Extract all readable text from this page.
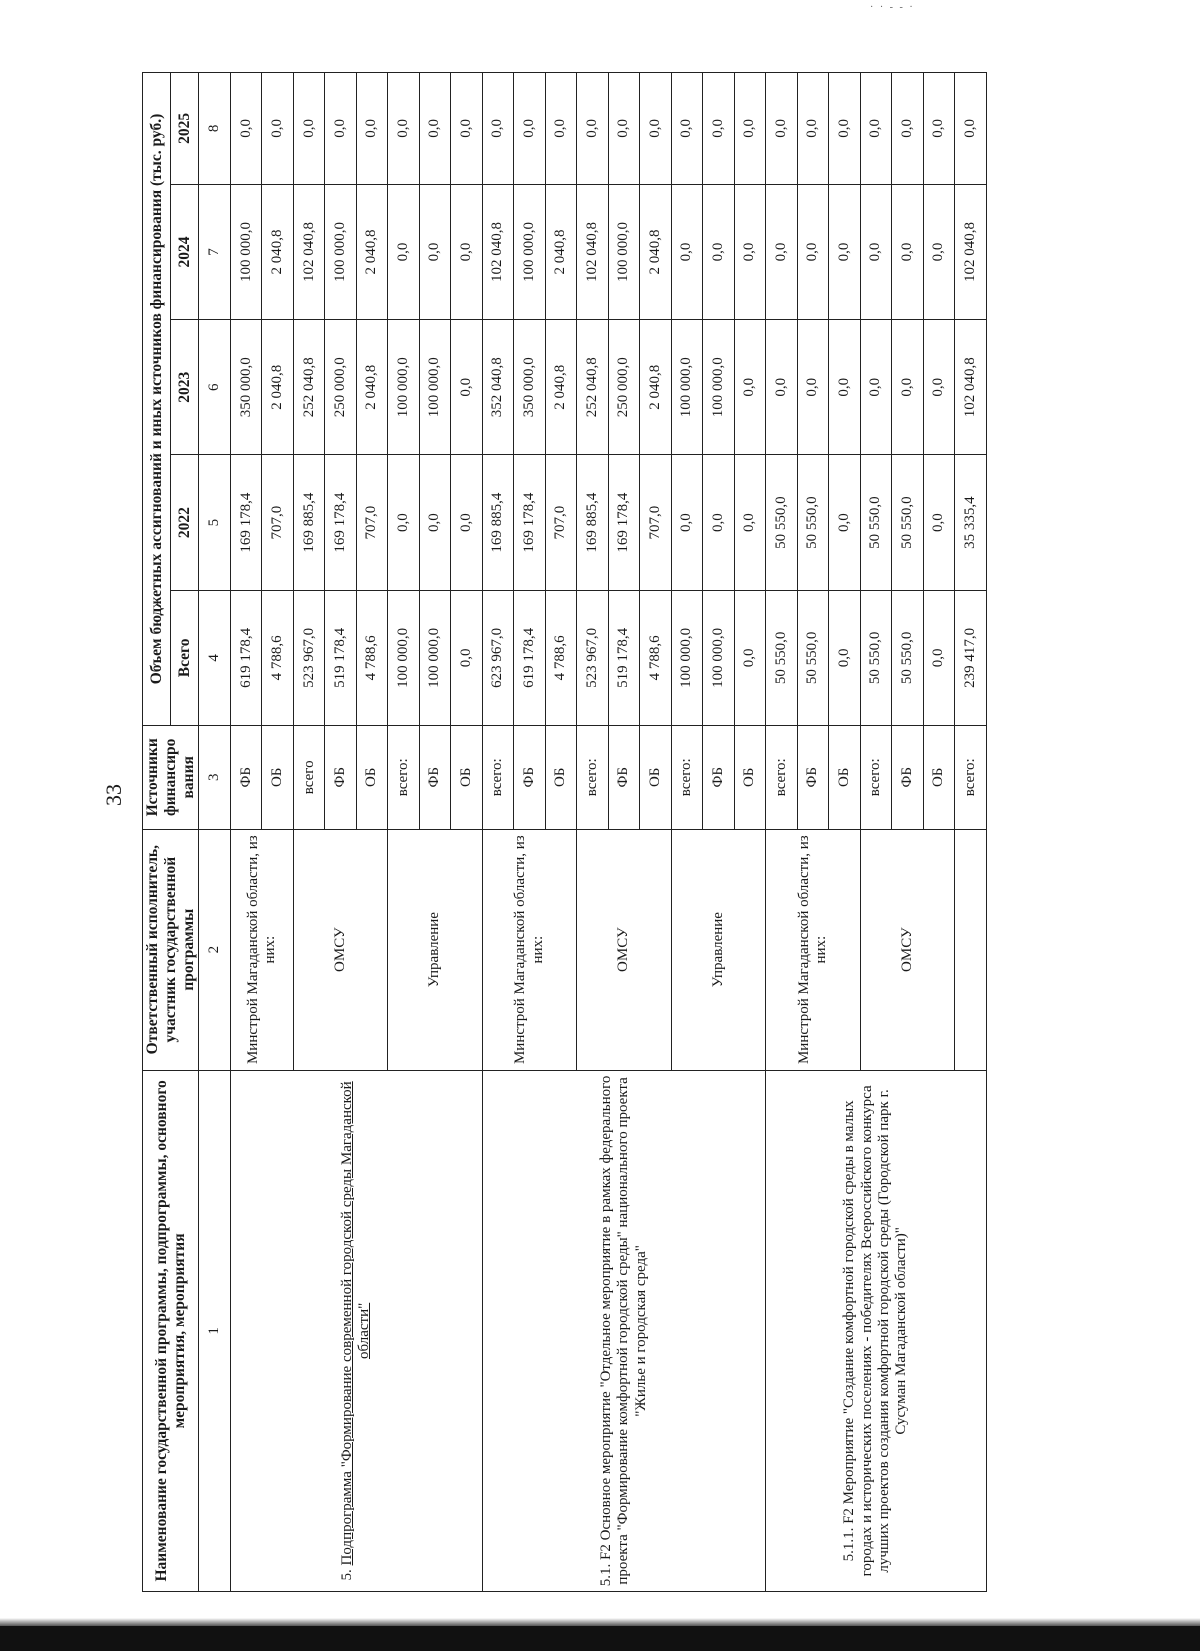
33
· · ‐ ‐ ·
Наименование государственной программы, подпрограммы, основного мероприятия, мероприятия	Ответственный исполнитель, участник государственной программы	Источники финансиро вания	Объем бюджетных ассигнований и иных источников финансирования (тыс. руб.)				
			Всего	2022	2023	2024	2025
1	2	3	4	5	6	7	8
5. Подпрограмма "Формирование современной городской среды Магаданской области"	Минстрой Магаданской области, из них:	ФБ	619 178,4	169 178,4	350 000,0	100 000,0	0,0
		ОБ	4 788,6	707,0	2 040,8	2 040,8	0,0
	ОМСУ	всего	523 967,0	169 885,4	252 040,8	102 040,8	0,0
		ФБ	519 178,4	169 178,4	250 000,0	100 000,0	0,0
		ОБ	4 788,6	707,0	2 040,8	2 040,8	0,0
	Управление	всего:	100 000,0	0,0	100 000,0	0,0	0,0
		ФБ	100 000,0	0,0	100 000,0	0,0	0,0
		ОБ	0,0	0,0	0,0	0,0	0,0
5.1. F2 Основное мероприятие "Отдельное мероприятие в рамках федерального проекта "Формирование комфортной городской среды" национального проекта "Жилье и городская среда"	Минстрой Магаданской области, из них:	всего:	623 967,0	169 885,4	352 040,8	102 040,8	0,0
		ФБ	619 178,4	169 178,4	350 000,0	100 000,0	0,0
		ОБ	4 788,6	707,0	2 040,8	2 040,8	0,0
	ОМСУ	всего:	523 967,0	169 885,4	252 040,8	102 040,8	0,0
		ФБ	519 178,4	169 178,4	250 000,0	100 000,0	0,0
		ОБ	4 788,6	707,0	2 040,8	2 040,8	0,0
	Управление	всего:	100 000,0	0,0	100 000,0	0,0	0,0
		ФБ	100 000,0	0,0	100 000,0	0,0	0,0
		ОБ	0,0	0,0	0,0	0,0	0,0
5.1.1. F2 Мероприятие "Создание комфортной городской среды в малых городах и исторических поселениях - победителях Всероссийского конкурса лучших проектов создания комфортной городской среды (Городской парк г. Сусуман Магаданской области)"	Минстрой Магаданской области, из них:	всего:	50 550,0	50 550,0	0,0	0,0	0,0
		ФБ	50 550,0	50 550,0	0,0	0,0	0,0
		ОБ	0,0	0,0	0,0	0,0	0,0
	ОМСУ	всего:	50 550,0	50 550,0	0,0	0,0	0,0
		ФБ	50 550,0	50 550,0	0,0	0,0	0,0
		ОБ	0,0	0,0	0,0	0,0	0,0
		всего:	239 417,0	35 335,4	102 040,8	102 040,8	0,0
